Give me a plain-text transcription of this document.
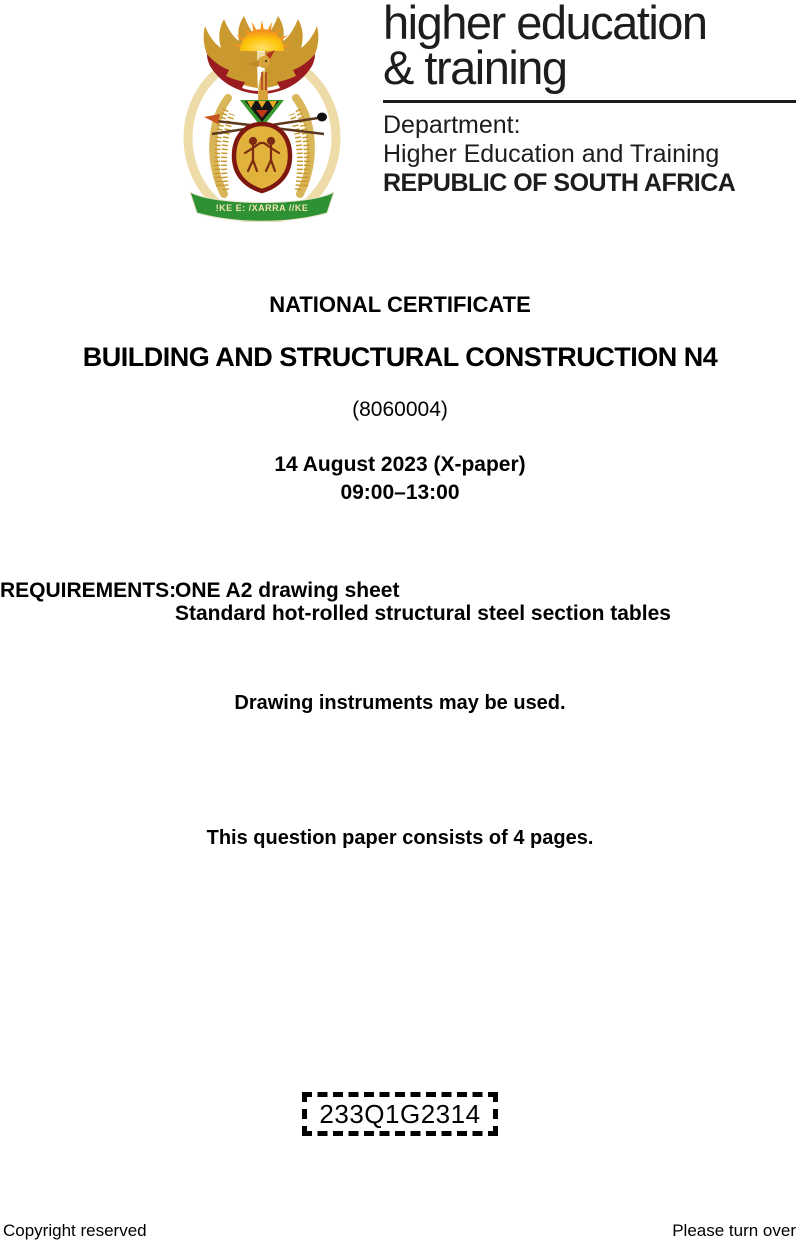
!KE E: /XARRA //KE
higher education
& training
Department:
Higher Education and Training
REPUBLIC OF SOUTH AFRICA
NATIONAL CERTIFICATE
BUILDING AND STRUCTURAL CONSTRUCTION N4
(8060004)
14 August 2023 (X-paper)
09:00–13:00
REQUIREMENTS:
ONE A2 drawing sheet
Standard hot-rolled structural steel section tables
Drawing instruments may be used.
This question paper consists of 4 pages.
233Q1G2314
Copyright reserved	Please turn over
